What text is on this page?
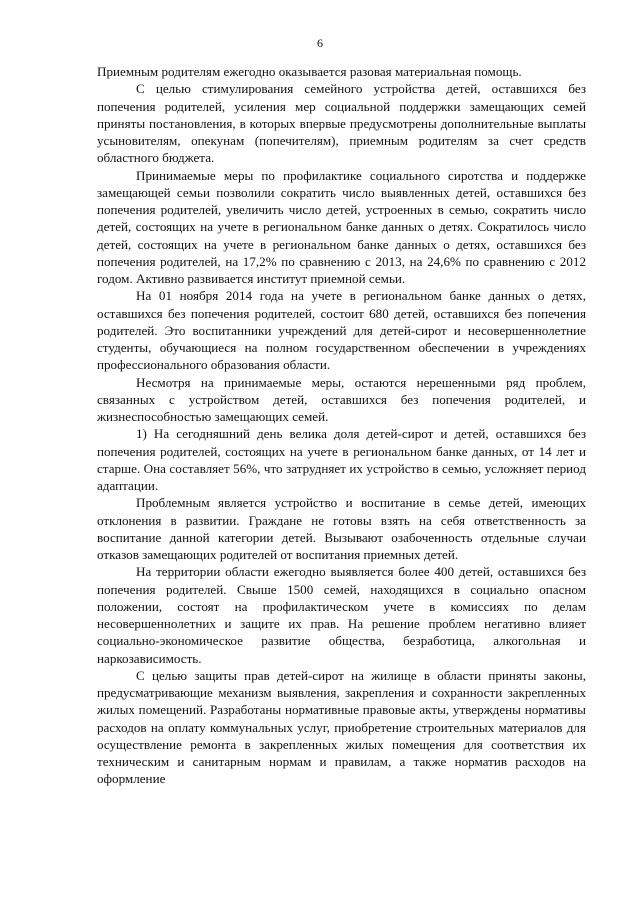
6

Приемным родителям ежегодно оказывается разовая материальная помощь.

С целью стимулирования семейного устройства детей, оставшихся без попечения родителей, усиления мер социальной поддержки замещающих семей приняты постановления, в которых впервые предусмотрены дополнительные выплаты усыновителям, опекунам (попечителям), приемным родителям за счет средств областного бюджета.

Принимаемые меры по профилактике социального сиротства и поддержке замещающей семьи позволили сократить число выявленных детей, оставшихся без попечения родителей, увеличить число детей, устроенных в семью, сократить число детей, состоящих на учете в региональном банке данных о детях. Сократилось число детей, состоящих на учете в региональном банке данных о детях, оставшихся без попечения родителей, на 17,2% по сравнению с 2013, на 24,6% по сравнению с 2012 годом. Активно развивается институт приемной семьи.

На 01 ноября 2014 года на учете в региональном банке данных о детях, оставшихся без попечения родителей, состоит 680 детей, оставшихся без попечения родителей. Это воспитанники учреждений для детей-сирот и несовершеннолетние студенты, обучающиеся на полном государственном обеспечении в учреждениях профессионального образования области.

Несмотря на принимаемые меры, остаются нерешенными ряд проблем, связанных с устройством детей, оставшихся без попечения родителей, и жизнеспособностью замещающих семей.

1) На сегодняшний день велика доля детей-сирот и детей, оставшихся без попечения родителей, состоящих на учете в региональном банке данных, от 14 лет и старше. Она составляет 56%, что затрудняет их устройство в семью, усложняет период адаптации.

Проблемным является устройство и воспитание в семье детей, имеющих отклонения в развитии. Граждане не готовы взять на себя ответственность за воспитание данной категории детей. Вызывают озабоченность отдельные случаи отказов замещающих родителей от воспитания приемных детей.

На территории области ежегодно выявляется более 400 детей, оставшихся без попечения родителей. Свыше 1500 семей, находящихся в социально опасном положении, состоят на профилактическом учете в комиссиях по делам несовершеннолетних и защите их прав. На решение проблем негативно влияет социально-экономическое развитие общества, безработица, алкогольная и наркозависимость.

С целью защиты прав детей-сирот на жилище в области приняты законы, предусматривающие механизм выявления, закрепления и сохранности закрепленных жилых помещений. Разработаны нормативные правовые акты, утверждены нормативы расходов на оплату коммунальных услуг, приобретение строительных материалов для осуществление ремонта в закрепленных жилых помещения для соответствия их техническим и санитарным нормам и правилам, а также норматив расходов на оформление
